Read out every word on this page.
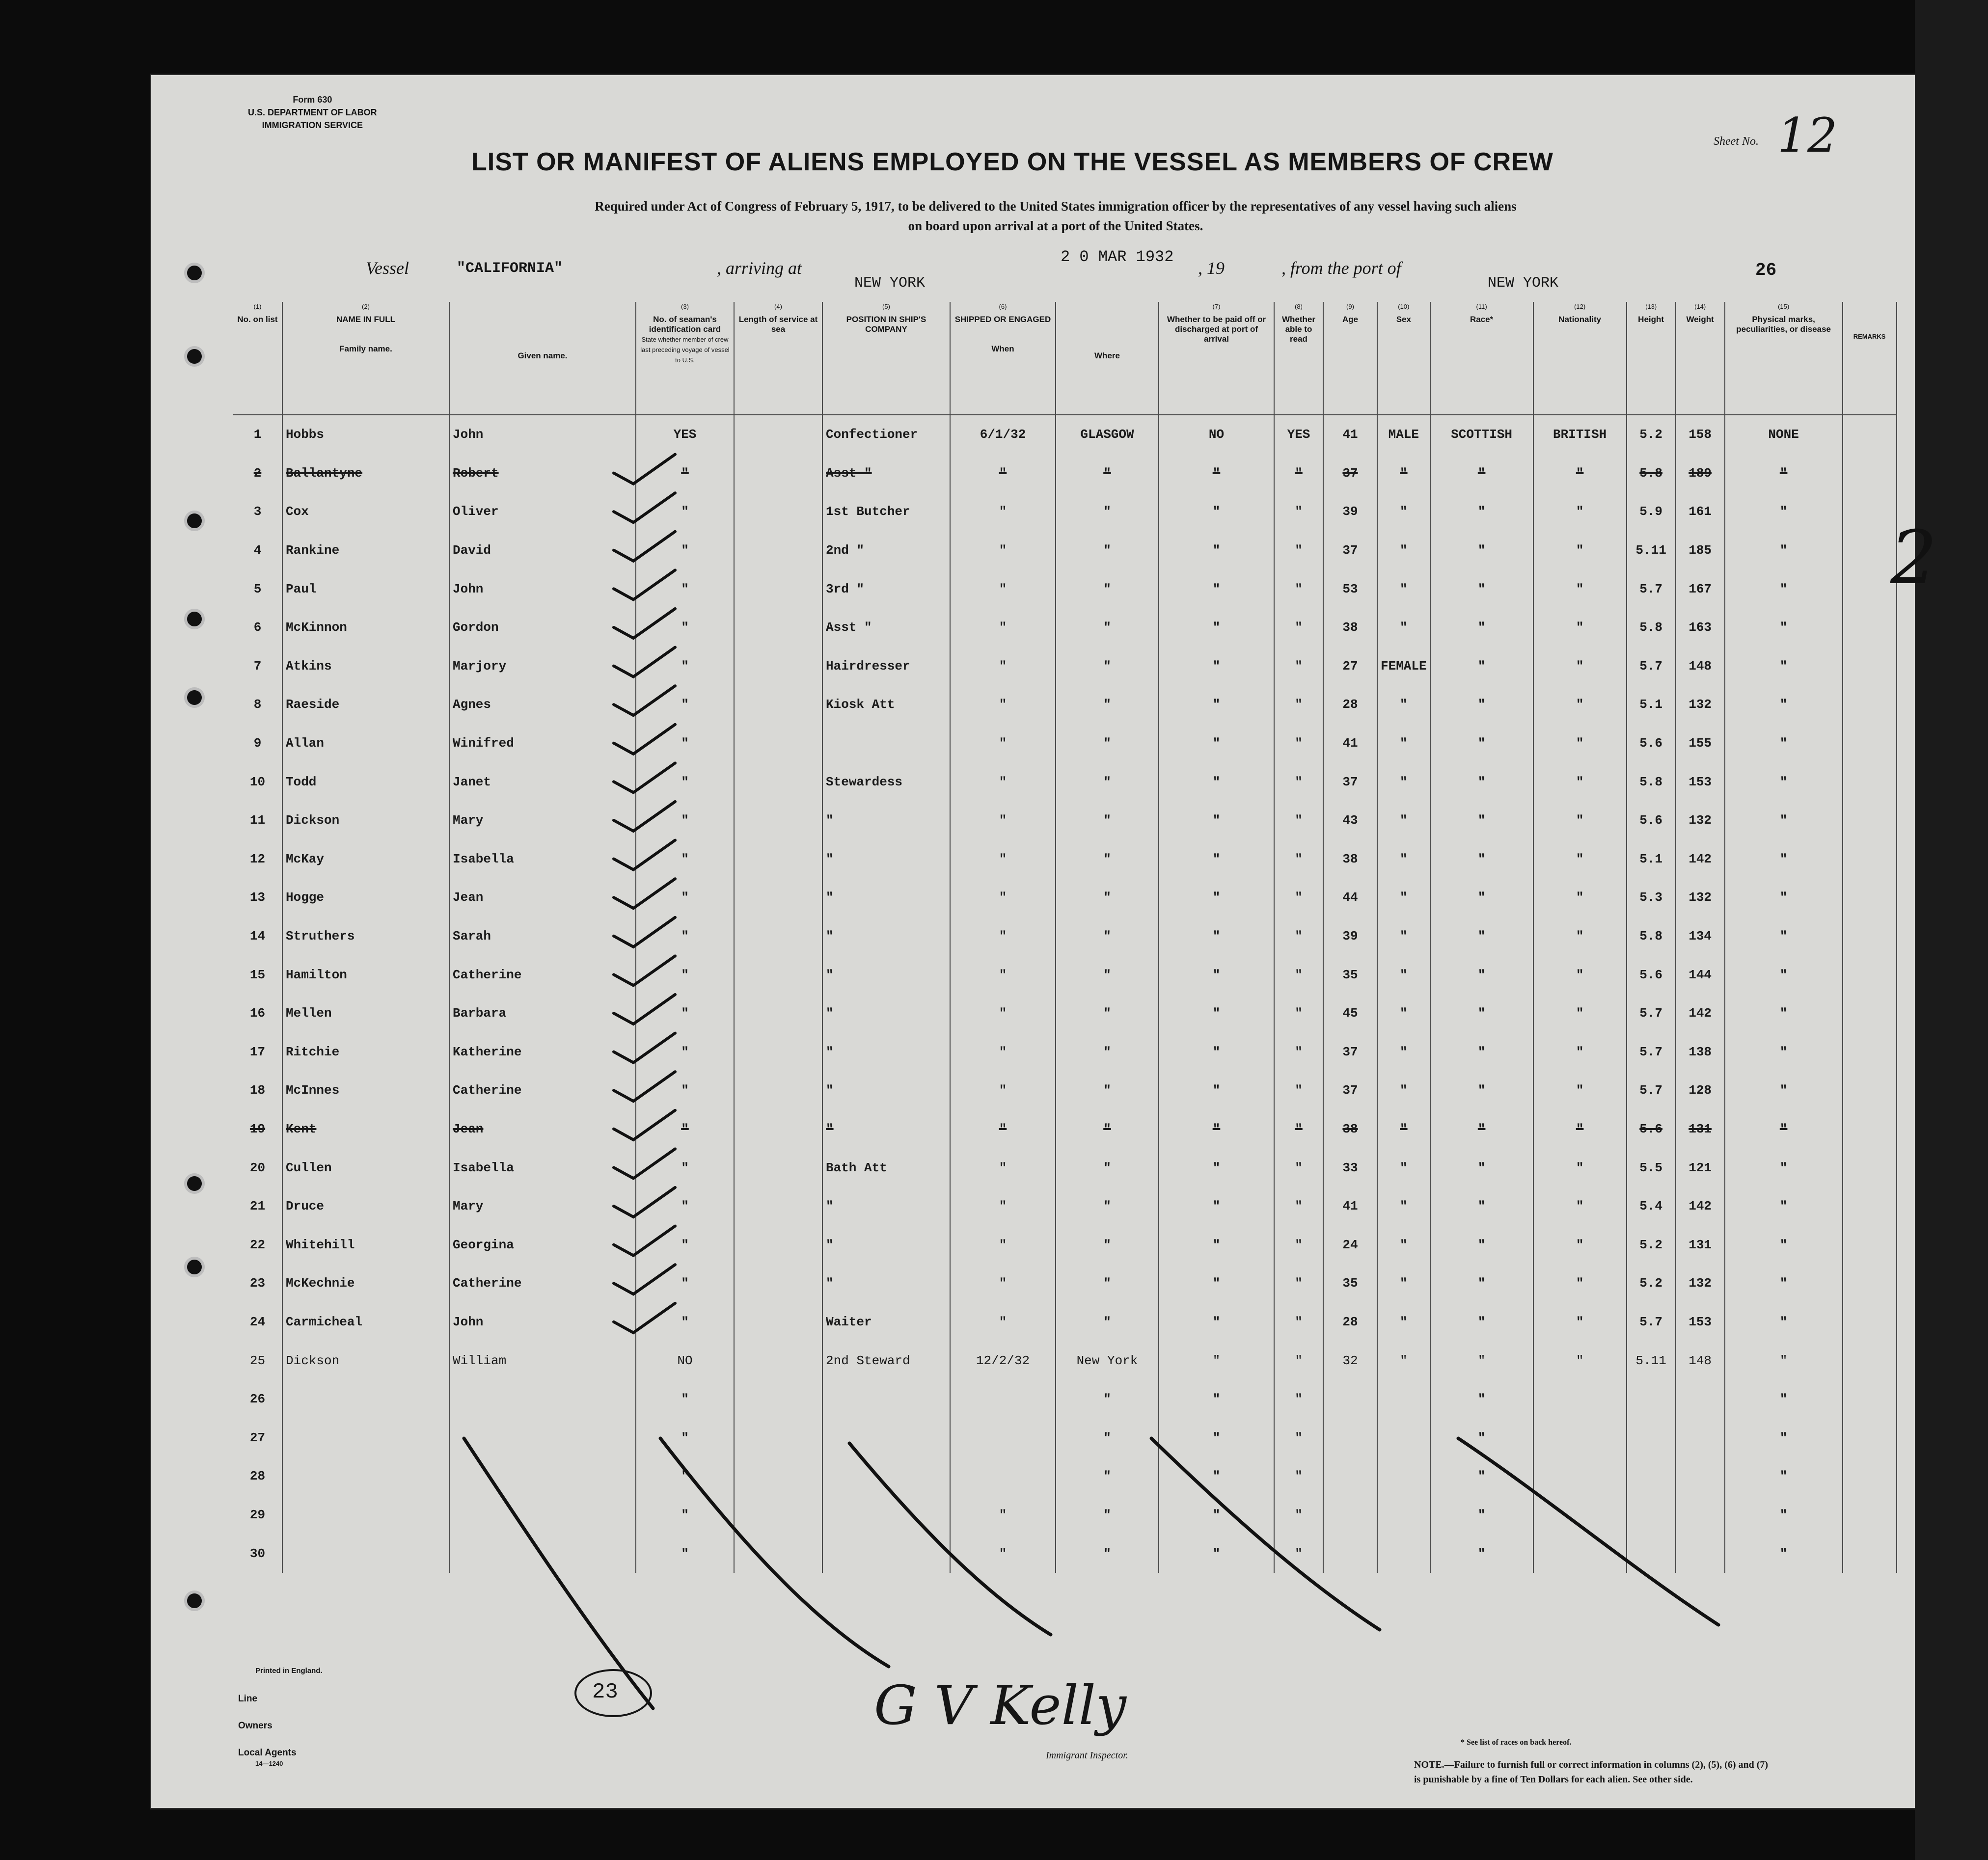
Form 630
U.S. DEPARTMENT OF LABOR
IMMIGRATION SERVICE
Sheet No. 12
LIST OR MANIFEST OF ALIENS EMPLOYED ON THE VESSEL AS MEMBERS OF CREW
Required under Act of Congress of February 5, 1917, to be delivered to the United States immigration officer by the representatives of any vessel having such aliens
on board upon arrival at a port of the United States.
Vessel	"CALIFORNIA"	, arriving at
NEW YORK
2 0 MAR 1932
, 19	, from the port of
NEW YORK
26
(1)
No. on list	(2)
NAME IN FULL

Family name.	Given name.	(3)
No. of seaman's identification card
State whether member of crew last preceding voyage of vessel to U.S.	(4)
Length of service at sea	(5)
POSITION IN SHIP'S COMPANY	(6)
SHIPPED OR ENGAGED

When	Where	(7)
Whether to be paid off or discharged at port of arrival	(8)
Whether able to read	(9)
Age	(10)
Sex	(11)
Race*	(12)
Nationality	(13)
Height	(14)
Weight	(15)
Physical marks, peculiarities, or disease	REMARKS
1	Hobbs	John	YES		Confectioner	6/1/32	GLASGOW	NO	YES	41	MALE	SCOTTISH	BRITISH	5.2	158	NONE	
2	Ballantyne	Robert	"		Asst "	"	"	"	"	37	"	"	"	5.8	189	"	
3	Cox	Oliver	"		1st Butcher	"	"	"	"	39	"	"	"	5.9	161	"	
4	Rankine	David	"		2nd "	"	"	"	"	37	"	"	"	5.11	185	"	
5	Paul	John	"		3rd "	"	"	"	"	53	"	"	"	5.7	167	"	
6	McKinnon	Gordon	"		Asst "	"	"	"	"	38	"	"	"	5.8	163	"	
7	Atkins	Marjory	"		Hairdresser	"	"	"	"	27	FEMALE	"	"	5.7	148	"	
8	Raeside	Agnes	"		Kiosk Att	"	"	"	"	28	"	"	"	5.1	132	"	
9	Allan	Winifred	"			"	"	"	"	41	"	"	"	5.6	155	"	
10	Todd	Janet	"		Stewardess	"	"	"	"	37	"	"	"	5.8	153	"	
11	Dickson	Mary	"		"	"	"	"	"	43	"	"	"	5.6	132	"	
12	McKay	Isabella	"		"	"	"	"	"	38	"	"	"	5.1	142	"	
13	Hogge	Jean	"		"	"	"	"	"	44	"	"	"	5.3	132	"	
14	Struthers	Sarah	"		"	"	"	"	"	39	"	"	"	5.8	134	"	
15	Hamilton	Catherine	"		"	"	"	"	"	35	"	"	"	5.6	144	"	
16	Mellen	Barbara	"		"	"	"	"	"	45	"	"	"	5.7	142	"	
17	Ritchie	Katherine	"		"	"	"	"	"	37	"	"	"	5.7	138	"	
18	McInnes	Catherine	"		"	"	"	"	"	37	"	"	"	5.7	128	"	
19	Kent	Jean	"		"	"	"	"	"	38	"	"	"	5.6	131	"	
20	Cullen	Isabella	"		Bath Att	"	"	"	"	33	"	"	"	5.5	121	"	
21	Druce	Mary	"		"	"	"	"	"	41	"	"	"	5.4	142	"	
22	Whitehill	Georgina	"		"	"	"	"	"	24	"	"	"	5.2	131	"	
23	McKechnie	Catherine	"		"	"	"	"	"	35	"	"	"	5.2	132	"	
24	Carmicheal	John	"		Waiter	"	"	"	"	28	"	"	"	5.7	153	"	
25	Dickson	William	NO		2nd Steward	12/2/32	New York	"	"	32	"	"	"	5.11	148	"	
26			"				"	"	"			"				"	
27			"				"	"	"			"				"	
28			"				"	"	"			"				"	
29			"			"	"	"	"			"				"	
30			"			"	"	"	"			"				"	
2
Printed in England.
Line
Owners
Local Agents
14—1240
23	G V Kelly
Immigrant Inspector.
* See list of races on back hereof.
NOTE.—Failure to furnish full or correct information in columns (2), (5), (6) and (7)
is punishable by a fine of Ten Dollars for each alien. See other side.
